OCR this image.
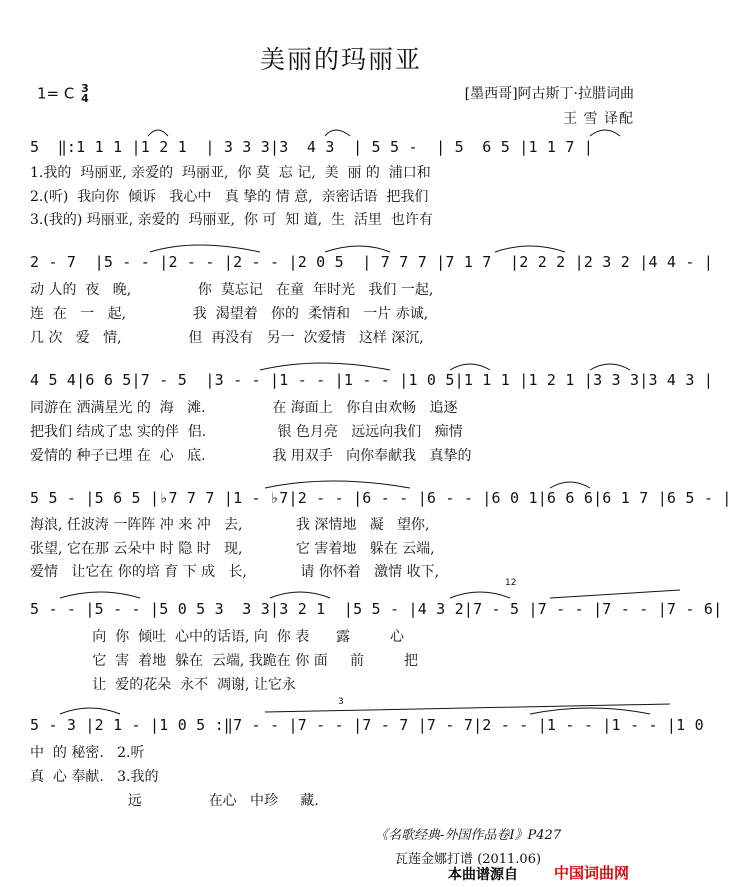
美丽的玛丽亚
1= C 3
4	[墨西哥]阿古斯丁·拉腊词曲
王 雪 译配
5  ‖:1 1 1 |1 2 1  | 3 3 3|3  4 3  | 5 5 -  | 5  6 5 |1 1 7 |
1.我的  玛丽亚, 亲爱的  玛丽亚,  你 莫  忘 记,  美  丽 的  浦口和
2.(听)  我向你  倾诉   我心中   真 挚的 情 意,  亲密话语  把我们
3.(我的) 玛丽亚, 亲爱的  玛丽亚,  你 可  知 道,  生  活里  也许有
2 - 7  |5 - - |2 - - |2 - - |2 0 5  | 7 7 7 |7 1 7  |2 2 2 |2 3 2 |4 4 - |
动 人的  夜   晚,               你  莫忘记   在童  年时光   我们 一起,
连  在   一   起,               我  渴望着   你的  柔情和   一片 赤诚,
几 次   爱   情,               但  再没有   另一  次爱情   这样 深沉,
4 5 4|6 6 5|7 - 5  |3 - - |1 - - |1 - - |1 0 5|1 1 1 |1 2 1 |3 3 3|3 4 3 |
同游在 洒满星光 的  海   滩.               在 海面上   你自由欢畅   追逐
把我们 结成了忠 实的伴  侣.                银 色月亮   远远向我们   痴情
爱情的 种子已埋 在  心   底.               我 用双手   向你奉献我   真挚的
5 5 - |5 6 5 |♭7 7 7 |1 - ♭7|2 - - |6 - - |6 - - |6 0 1|6 6 6|6 1 7 |6 5 - |
海浪, 任波涛 一阵阵 冲 来 冲   去,            我 深情地   凝   望你,
张望, 它在那 云朵中 时 隐 时   现,            它 害着地   躲在 云端,
爱情   让它在 你的培 育 下 成   长,            请 你怀着   激情 收下,
12
5 - - |5 - - |5 0 5 3  3 3|3 2 1  |5 5 - |4 3 2|7 - 5 |7 - - |7 - - |7 - 6|
向  你  倾吐  心中的话语, 向  你 表      露         心
它  害  着地  躲在  云端, 我跪在 你 面     前         把
让  爱的花朵  永不  凋谢, 让它永
3
5 - 3 |2 1 - |1 0 5 :‖7 - - |7 - - |7 - 7 |7 - 7|2 - - |1 - - |1 - - |1 0
中  的 秘密.   2.听
真  心 奉献.   3.我的
远               在心   中珍     藏.
《名歌经典-外国作品卷Ⅰ》P427
瓦莲金娜打谱 (2011.06)
本曲谱源自 中国词曲网
